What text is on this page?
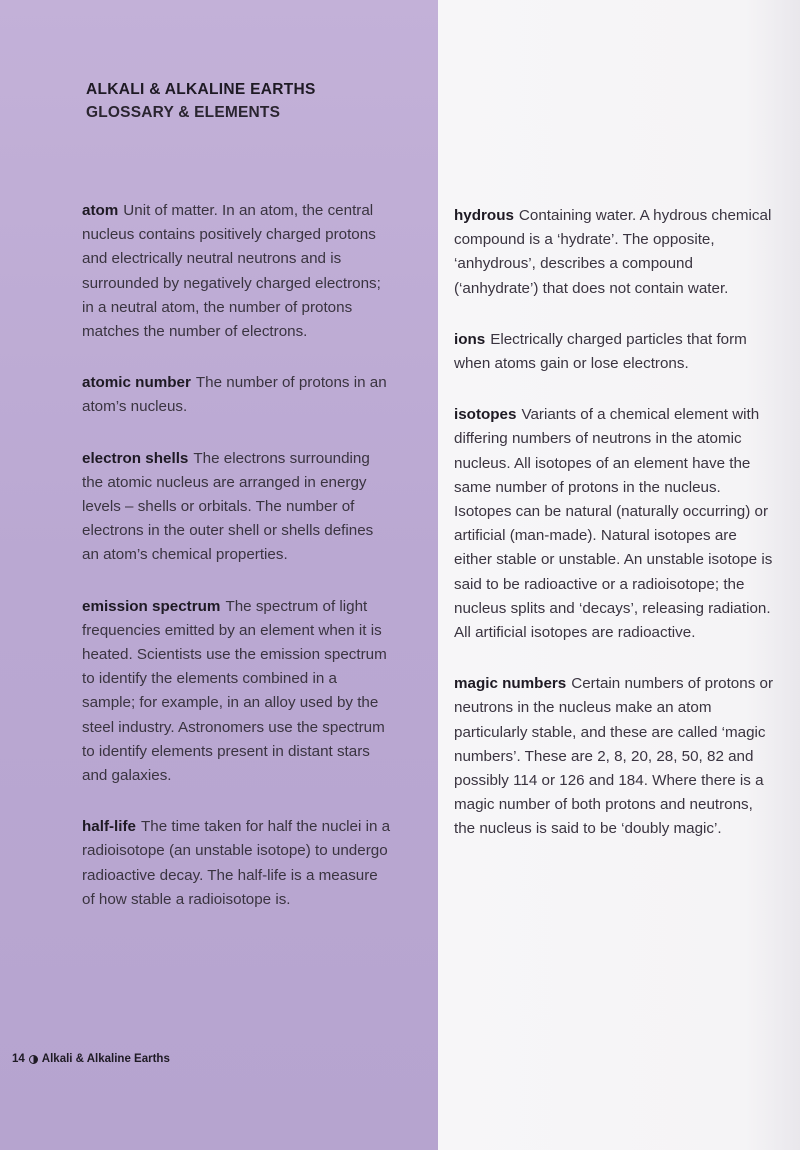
ALKALI & ALKALINE EARTHS
GLOSSARY & ELEMENTS

atom Unit of matter. In an atom, the central nucleus contains positively charged protons and electrically neutral neutrons and is surrounded by negatively charged electrons; in a neutral atom, the number of protons matches the number of electrons.

atomic number The number of protons in an atom’s nucleus.

electron shells The electrons surrounding the atomic nucleus are arranged in energy levels – shells or orbitals. The number of electrons in the outer shell or shells defines an atom’s chemical properties.

emission spectrum The spectrum of light frequencies emitted by an element when it is heated. Scientists use the emission spectrum to identify the elements combined in a sample; for example, in an alloy used by the steel industry. Astronomers use the spectrum to identify elements present in distant stars and galaxies.

half-life The time taken for half the nuclei in a radioisotope (an unstable isotope) to undergo radioactive decay. The half-life is a measure of how stable a radioisotope is.

hydrous Containing water. A hydrous chemical compound is a ‘hydrate’. The opposite, ‘anhydrous’, describes a compound (‘anhydrate’) that does not contain water.

ions Electrically charged particles that form when atoms gain or lose electrons.

isotopes Variants of a chemical element with differing numbers of neutrons in the atomic nucleus. All isotopes of an element have the same number of protons in the nucleus. Isotopes can be natural (naturally occurring) or artificial (man-made). Natural isotopes are either stable or unstable. An unstable isotope is said to be radioactive or a radioisotope; the nucleus splits and ‘decays’, releasing radiation. All artificial isotopes are radioactive.

magic numbers Certain numbers of protons or neutrons in the nucleus make an atom particularly stable, and these are called ‘magic numbers’. These are 2, 8, 20, 28, 50, 82 and possibly 114 or 126 and 184. Where there is a magic number of both protons and neutrons, the nucleus is said to be ‘doubly magic’.

14 Alkali & Alkaline Earths
